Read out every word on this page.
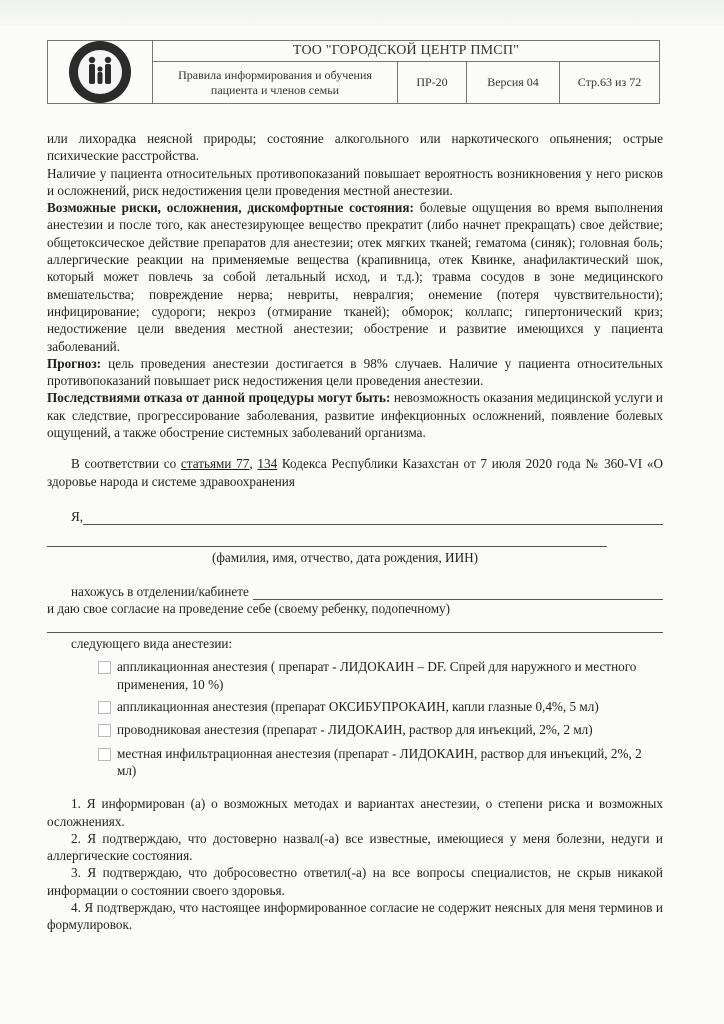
	ТОО "ГОРОДСКОЙ ЦЕНТР ПМСП"			
	Правила информирования и обучения пациента и членов семьи	ПР-20	Версия 04	Стр.63 из 72

или лихорадка неясной природы; состояние алкогольного или наркотического опьянения; острые психические расстройства.

Наличие у пациента относительных противопоказаний повышает вероятность возникновения у него рисков и осложнений, риск недостижения цели проведения местной анестезии.

Возможные риски, осложнения, дискомфортные состояния: болевые ощущения во время выполнения анестезии и после того, как анестезирующее вещество прекратит (либо начнет прекращать) свое действие; общетоксическое действие препаратов для анестезии; отек мягких тканей; гематома (синяк); головная боль; аллергические реакции на применяемые вещества (крапивница, отек Квинке, анафилактический шок, который может повлечь за собой летальный исход, и т.д.); травма сосудов в зоне медицинского вмешательства; повреждение нерва; невриты, невралгия; онемение (потеря чувствительности); инфицирование; судороги; некроз (отмирание тканей); обморок; коллапс; гипертонический криз; недостижение цели введения местной анестезии; обострение и развитие имеющихся у пациента заболеваний.

Прогноз: цель проведения анестезии достигается в 98% случаев. Наличие у пациента относительных противопоказаний повышает риск недостижения цели проведения анестезии.

Последствиями отказа от данной процедуры могут быть: невозможность оказания медицинской услуги и как следствие, прогрессирование заболевания, развитие инфекционных осложнений, появление болевых ощущений, а также обострение системных заболеваний организма.

В соответствии со статьями 77, 134 Кодекса Республики Казахстан от 7 июля 2020 года № 360-VI «О здоровье народа и системе здравоохранения

Я,
(фамилия, имя, отчество, дата рождения, ИИН)
нахожусь в отделении/кабинете
и даю свое согласие на проведение себе (своему ребенку, подопечному)
следующего вида анестезии:

аппликационная анестезия ( препарат - ЛИДОКАИН – DF. Спрей для наружного и местного применения, 10 %)

аппликационная анестезия (препарат ОКСИБУПРОКАИН, капли глазные 0,4%, 5 мл)

проводниковая анестезия (препарат - ЛИДОКАИН, раствор для инъекций, 2%, 2 мл)

местная инфильтрационная анестезия (препарат - ЛИДОКАИН, раствор для инъекций, 2%, 2 мл)

1. Я информирован (а) о возможных методах и вариантах анестезии, о степени риска и возможных осложнениях.

2. Я подтверждаю, что достоверно назвал(-а) все известные, имеющиеся у меня болезни, недуги и аллергические состояния.

3. Я подтверждаю, что добросовестно ответил(-а) на все вопросы специалистов, не скрыв никакой информации о состоянии своего здоровья.

4. Я подтверждаю, что настоящее информированное согласие не содержит неясных для меня терминов и формулировок.
